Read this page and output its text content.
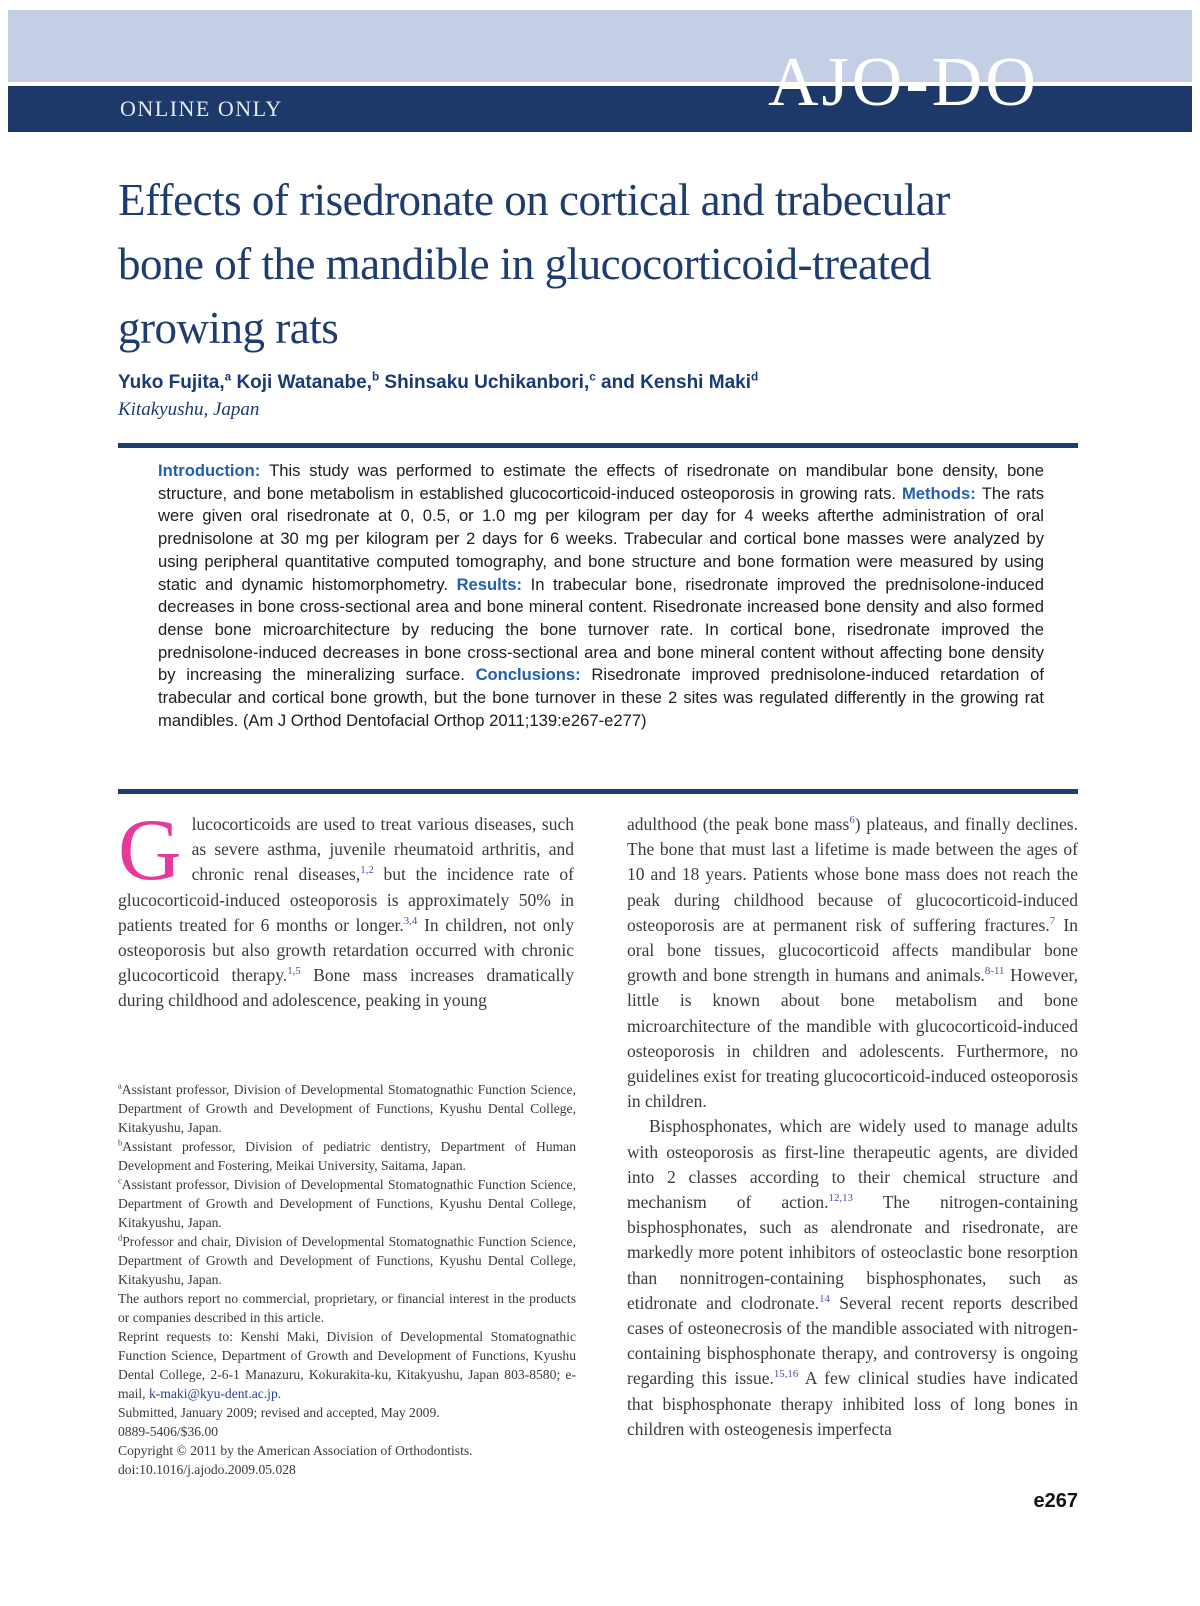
ONLINE ONLY	AJO-DO
Effects of risedronate on cortical and trabecular
bone of the mandible in glucocorticoid-treated
growing rats
Yuko Fujita,$^a$ Koji Watanabe,$^b$ Shinsaku Uchikanbori,$^c$ and Kenshi Maki$^d$
Kitakyushu, Japan
Introduction: This study was performed to estimate the effects of risedronate on mandibular bone density, bone structure, and bone metabolism in established glucocorticoid-induced osteoporosis in growing rats. Methods: The rats were given oral risedronate at 0, 0.5, or 1.0 mg per kilogram per day for 4 weeks afterthe administration of oral prednisolone at 30 mg per kilogram per 2 days for 6 weeks. Trabecular and cortical bone masses were analyzed by using peripheral quantitative computed tomography, and bone structure and bone formation were measured by using static and dynamic histomorphometry. Results: In trabecular bone, risedronate improved the prednisolone-induced decreases in bone cross-sectional area and bone mineral content. Risedronate increased bone density and also formed dense bone microarchitecture by reducing the bone turnover rate. In cortical bone, risedronate improved the prednisolone-induced decreases in bone cross-sectional area and bone mineral content without affecting bone density by increasing the mineralizing surface. Conclusions: Risedronate improved prednisolone-induced retardation of trabecular and cortical bone growth, but the bone turnover in these 2 sites was regulated differently in the growing rat mandibles. (Am J Orthod Dentofacial Orthop 2011;139:e267-e277)

Glucocorticoids are used to treat various diseases, such as severe asthma, juvenile rheumatoid arthritis, and chronic renal diseases,$^{1,2}$ but the incidence rate of glucocorticoid-induced osteoporosis is approximately 50% in patients treated for 6 months or longer.$^{3,4}$ In children, not only osteoporosis but also growth retardation occurred with chronic glucocorticoid therapy.$^{1,5}$ Bone mass increases dramatically during childhood and adolescence, peaking in young

adulthood (the peak bone mass$^6$) plateaus, and finally declines. The bone that must last a lifetime is made between the ages of 10 and 18 years. Patients whose bone mass does not reach the peak during childhood because of glucocorticoid-induced osteoporosis are at permanent risk of suffering fractures.$^7$ In oral bone tissues, glucocorticoid affects mandibular bone growth and bone strength in humans and animals.$^{8-11}$ However, little is known about bone metabolism and bone microarchitecture of the mandible with glucocorticoid-induced osteoporosis in children and adolescents. Furthermore, no guidelines exist for treating glucocorticoid-induced osteoporosis in children.

Bisphosphonates, which are widely used to manage adults with osteoporosis as first-line therapeutic agents, are divided into 2 classes according to their chemical structure and mechanism of action.$^{12,13}$ The nitrogen-containing bisphosphonates, such as alendronate and risedronate, are markedly more potent inhibitors of osteoclastic bone resorption than nonnitrogen-containing bisphosphonates, such as etidronate and clodronate.$^{14}$ Several recent reports described cases of osteonecrosis of the mandible associated with nitrogen-containing bisphosphonate therapy, and controversy is ongoing regarding this issue.$^{15,16}$ A few clinical studies have indicated that bisphosphonate therapy inhibited loss of long bones in children with osteogenesis imperfecta

$^a$Assistant professor, Division of Developmental Stomatognathic Function Science, Department of Growth and Development of Functions, Kyushu Dental College, Kitakyushu, Japan.
$^b$Assistant professor, Division of pediatric dentistry, Department of Human Development and Fostering, Meikai University, Saitama, Japan.
$^c$Assistant professor, Division of Developmental Stomatognathic Function Science, Department of Growth and Development of Functions, Kyushu Dental College, Kitakyushu, Japan.
$^d$Professor and chair, Division of Developmental Stomatognathic Function Science, Department of Growth and Development of Functions, Kyushu Dental College, Kitakyushu, Japan.
The authors report no commercial, proprietary, or financial interest in the products or companies described in this article.
Reprint requests to: Kenshi Maki, Division of Developmental Stomatognathic Function Science, Department of Growth and Development of Functions, Kyushu Dental College, 2-6-1 Manazuru, Kokurakita-ku, Kitakyushu, Japan 803-8580; e-mail, k-maki@kyu-dent.ac.jp.
Submitted, January 2009; revised and accepted, May 2009.
0889-5406/$36.00
Copyright © 2011 by the American Association of Orthodontists.
doi:10.1016/j.ajodo.2009.05.028
e267
